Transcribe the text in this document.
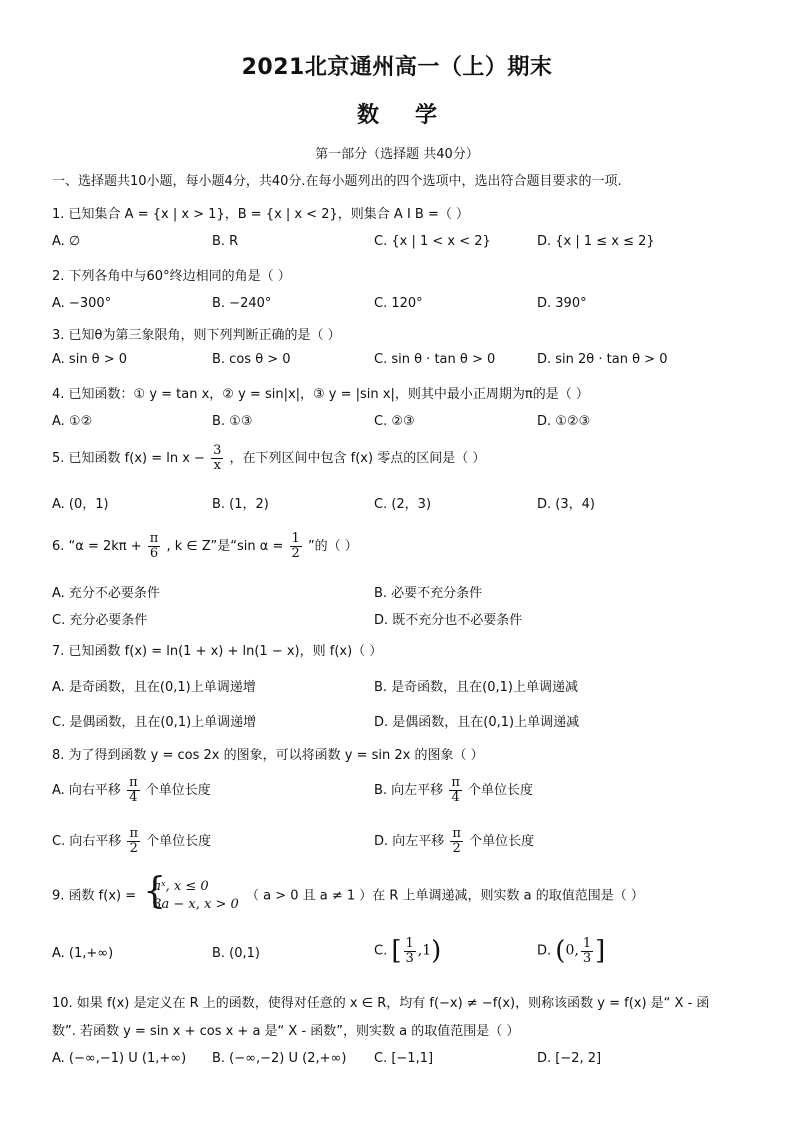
2021北京通州高一（上）期末
数学
第一部分（选择题 共40分）
一、选择题共10小题，每小题4分，共40分.在每小题列出的四个选项中，选出符合题目要求的一项.
1. 已知集合 A = {x | x > 1}，B = {x | x < 2}，则集合 A I B =（ ）
A. ∅	B. R	C. {x | 1 < x < 2}	D. {x | 1 ≤ x ≤ 2}
2. 下列各角中与60°终边相同的角是（ ）
A. −300°	B. −240°	C. 120°	D. 390°
3. 已知θ为第三象限角，则下列判断正确的是（ ）
A. sin θ > 0	B. cos θ > 0	C. sin θ · tan θ > 0	D. sin 2θ · tan θ > 0
4. 已知函数：① y = tan x，② y = sin|x|，③ y = |sin x|，则其中最小正周期为π的是（ ）
A. ①②	B. ①③	C. ②③	D. ①②③
5. 已知函数 $f(x) = \ln x - \frac{3}{x}$ ，在下列区间中包含 f(x) 零点的区间是（ ）
A. (0，1)	B. (1，2)	C. (2，3)	D. (3，4)
6. “$\alpha = 2k\pi + \frac{\pi}{6}$ , k ∈ Z”是“sin $\alpha = \frac{1}{2}$ ”的（ ）
A. 充分不必要条件	B. 必要不充分条件
C. 充分必要条件	D. 既不充分也不必要条件
7. 已知函数 f(x) = ln(1 + x) + ln(1 − x)，则 f(x)（ ）
A. 是奇函数，且在(0,1)上单调递增	B. 是奇函数，且在(0,1)上单调递减
C. 是偶函数，且在(0,1)上单调递增	D. 是偶函数，且在(0,1)上单调递减
8. 为了得到函数 y = cos 2x 的图象，可以将函数 y = sin 2x 的图象（ ）
A. 向右平移 $\frac{\pi}{4}$ 个单位长度	B. 向左平移 $\frac{\pi}{4}$ 个单位长度
C. 向右平移 $\frac{\pi}{2}$ 个单位长度	D. 向左平移 $\frac{\pi}{2}$ 个单位长度
9. 函数 f(x) = {
aˣ, x ≤ 0
3a − x, x > 0
（ a > 0 且 a ≠ 1 ）在 R 上单调递减，则实数 a 的取值范围是（ ）
A. (1,+∞)	B. (0,1)	C. [ $\frac{1}{3} ,1$)	D. (0, $\frac{1}{3}$ ]
10. 如果 f(x) 是定义在 R 上的函数，使得对任意的 x ∈ R，均有 f(−x) ≠ −f(x)，则称该函数 y = f(x) 是“ X - 函
数”. 若函数 y = sin x + cos x + a 是“ X - 函数”，则实数 a 的取值范围是（ ）
A. (−∞,−1) U (1,+∞) B. (−∞,−2) U (2,+∞) C. [−1,1]	D. [−2, 2]
